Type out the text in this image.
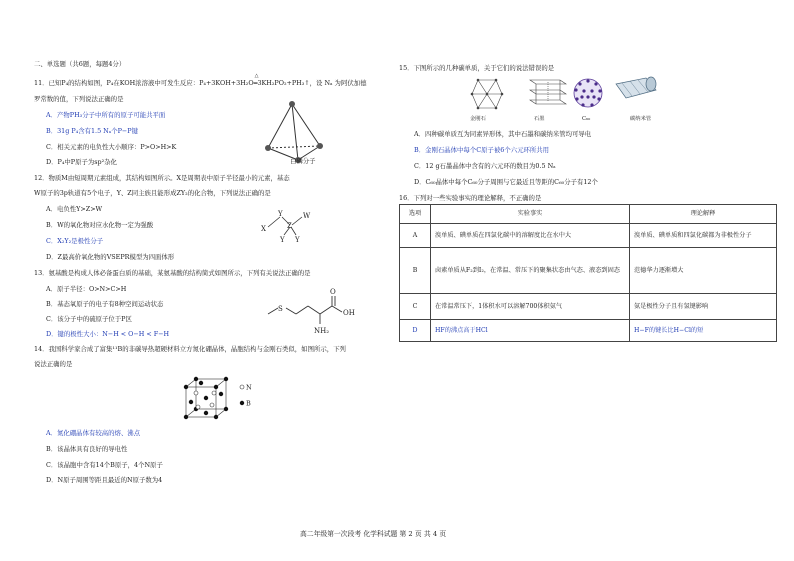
二、单选题（共6题，每题4分）
11．已知P₄的结构如图，P₄在KOH浓溶液中可发生反应：P₄+3KOH+3H₂O
△
═3KH₂PO₂+PH₃↑，设 Nₐ 为阿伏加德
罗常数的值，下列说法正确的是
A．产物PH₃分子中所有的原子可能共平面
B．31g P₄含有1.5 Nₐ个P−P键
C．相关元素的电负性大小顺序：P>O>H>K
D．P₄中P原子为sp²杂化	白磷分子
12．物质M由短周期元素组成，其结构如图所示。X是周期表中原子半径最小的元素，基态
W原子的3p轨道有5个电子，Y、Z同主族且能形成ZY₂的化合物，下列说法正确的是
A．电负性Y>Z>W
B．W的氧化物对应水化物一定为强酸
C．X₂Y₂是极性分子
D．Z最高价氧化物的VSEPR模型为四面体形
X
Y
Z
W
Y Y
13．氨基酸是构成人体必备蛋白质的基础，某氨基酸的结构简式如图所示，下列有关说法正确的是
A．原子半径：O>N>C>H
B．基态氧原子的电子有8种空间运动状态
C．该分子中的硫原子位于P区
D．键的极性大小：N−H < O−H < F−H
S
O
OH
NH₂
14．我国科学家合成了富集¹¹B的非碳导热超硬材料立方氮化硼晶体，晶胞结构与金刚石类似，如图所示，下列
说法正确的是
N
B
A．氮化硼晶体有较高的熔、沸点
B．该晶体具有良好的导电性
C．该晶胞中含有14个B原子，4个N原子
D．N原子周围等距且最近的N原子数为4
15．下图所示的几种碳单质，关于它们的说法错误的是
金刚石	石墨	C₆₀	碳纳米管
A．四种碳单质互为同素异形体，其中石墨和碳纳米管均可导电
B．金刚石晶体中每个C原子被6个六元环所共用
C．12 g石墨晶体中含有的六元环的数目为0.5 Nₐ
D．C₆₀晶体中每个C₆₀分子周围与它最近且等距的C₆₀分子有12个
16．下列对一些实验事实的理论解释，不正确的是
选项	实验事实	理论解释
A	溴单质、碘单质在四氯化碳中的溶解度比在水中大	溴单质、碘单质和四氯化碳都为非极性分子
B	卤素单质从F₂到I₂，在常温、常压下的聚集状态由气态、液态到固态	范德华力逐渐增大
C	在常温常压下，1体积水可以溶解700体积氨气	氨是极性分子且有氢键影响
D	HF的沸点高于HCl	H−F的键长比H−Cl的短
高二年级第一次段考 化学科试题 第 2 页 共 4 页
